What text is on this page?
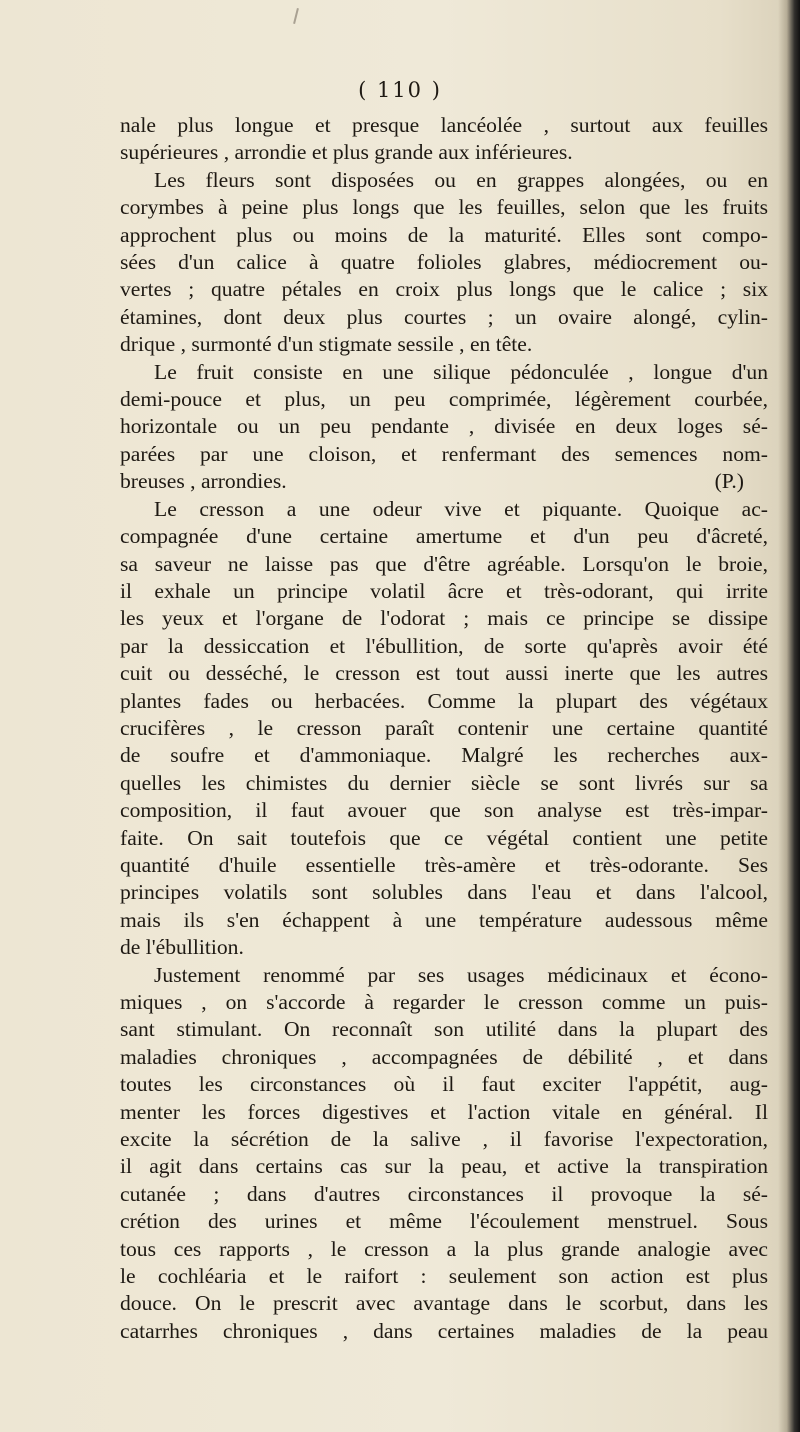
( 110 )
nale plus longue et presque lancéolée , surtout aux feuilles
supérieures , arrondie et plus grande aux inférieures.
Les fleurs sont disposées ou en grappes alongées, ou en
corymbes à peine plus longs que les feuilles, selon que les fruits
approchent plus ou moins de la maturité. Elles sont compo-
sées d'un calice à quatre folioles glabres, médiocrement ou-
vertes ; quatre pétales en croix plus longs que le calice ; six
étamines, dont deux plus courtes ; un ovaire alongé, cylin-
drique , surmonté d'un stigmate sessile , en tête.
Le fruit consiste en une silique pédonculée , longue d'un
demi-pouce et plus, un peu comprimée, légèrement courbée,
horizontale ou un peu pendante , divisée en deux loges sé-
parées par une cloison, et renfermant des semences nom-
breuses , arrondies.	(P.)
Le cresson a une odeur vive et piquante. Quoique ac-
compagnée d'une certaine amertume et d'un peu d'âcreté,
sa saveur ne laisse pas que d'être agréable. Lorsqu'on le broie,
il exhale un principe volatil âcre et très-odorant, qui irrite
les yeux et l'organe de l'odorat ; mais ce principe se dissipe
par la dessiccation et l'ébullition, de sorte qu'après avoir été
cuit ou desséché, le cresson est tout aussi inerte que les autres
plantes fades ou herbacées. Comme la plupart des végétaux
crucifères , le cresson paraît contenir une certaine quantité
de soufre et d'ammoniaque. Malgré les recherches aux-
quelles les chimistes du dernier siècle se sont livrés sur sa
composition, il faut avouer que son analyse est très-impar-
faite. On sait toutefois que ce végétal contient une petite
quantité d'huile essentielle très-amère et très-odorante. Ses
principes volatils sont solubles dans l'eau et dans l'alcool,
mais ils s'en échappent à une température audessous même
de l'ébullition.
Justement renommé par ses usages médicinaux et écono-
miques , on s'accorde à regarder le cresson comme un puis-
sant stimulant. On reconnaît son utilité dans la plupart des
maladies chroniques , accompagnées de débilité , et dans
toutes les circonstances où il faut exciter l'appétit, aug-
menter les forces digestives et l'action vitale en général. Il
excite la sécrétion de la salive , il favorise l'expectoration,
il agit dans certains cas sur la peau, et active la transpiration
cutanée ; dans d'autres circonstances il provoque la sé-
crétion des urines et même l'écoulement menstruel. Sous
tous ces rapports , le cresson a la plus grande analogie avec
le cochléaria et le raifort : seulement son action est plus
douce. On le prescrit avec avantage dans le scorbut, dans les
catarrhes chroniques , dans certaines maladies de la peau
